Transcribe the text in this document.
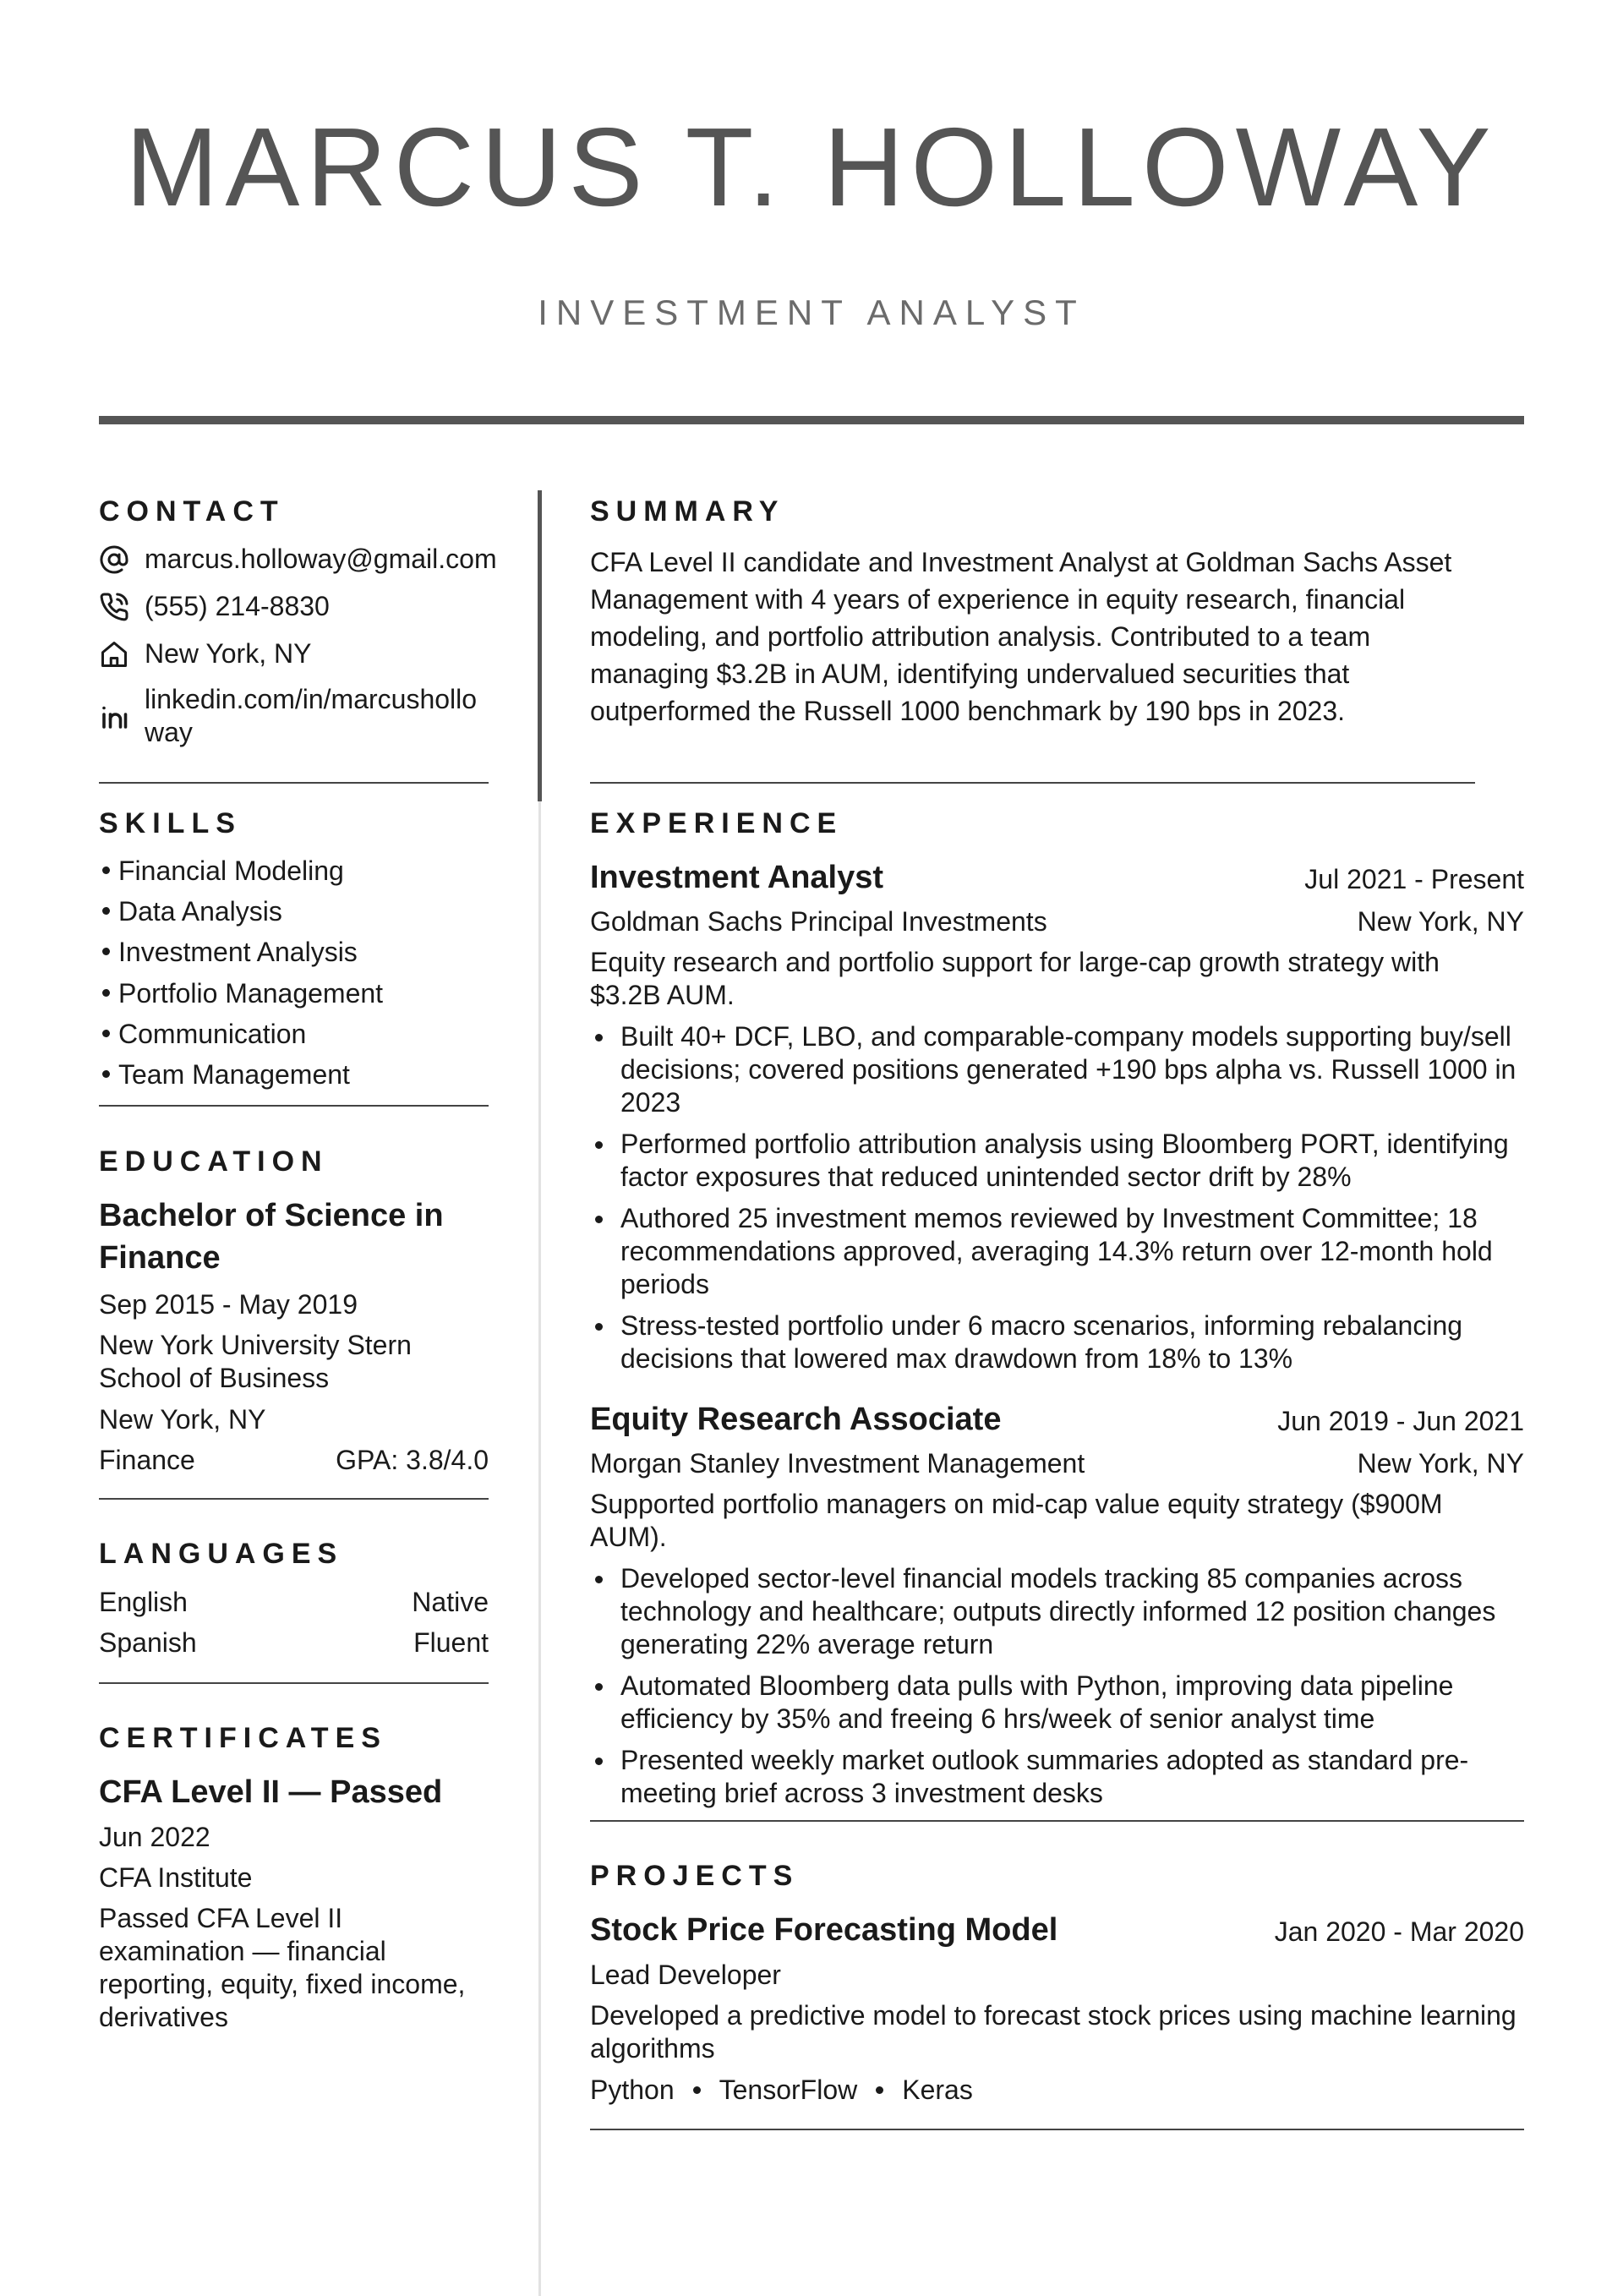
MARCUS T. HOLLOWAY
INVESTMENT ANALYST
CONTACT
marcus.holloway@gmail.com
(555) 214-8830
New York, NY
linkedin.com/in/marcushollo way
SKILLS
Financial Modeling
Data Analysis
Investment Analysis
Portfolio Management
Communication
Team Management
EDUCATION
Bachelor of Science in Finance
Sep 2015 - May 2019
New York University Stern School of Business
New York, NY
Finance	GPA: 3.8/4.0
LANGUAGES
English	Native
Spanish	Fluent
CERTIFICATES
CFA Level II — Passed
Jun 2022
CFA Institute
Passed CFA Level II examination — financial reporting, equity, fixed income, derivatives
SUMMARY
CFA Level II candidate and Investment Analyst at Goldman Sachs Asset Management with 4 years of experience in equity research, financial modeling, and portfolio attribution analysis. Contributed to a team managing $3.2B in AUM, identifying undervalued securities that outperformed the Russell 1000 benchmark by 190 bps in 2023.
EXPERIENCE
Investment Analyst	Jul 2021 - Present
Goldman Sachs Principal Investments	New York, NY
Equity research and portfolio support for large-cap growth strategy with $3.2B AUM.
Built 40+ DCF, LBO, and comparable-company models supporting buy/sell decisions; covered positions generated +190 bps alpha vs. Russell 1000 in 2023
Performed portfolio attribution analysis using Bloomberg PORT, identifying factor exposures that reduced unintended sector drift by 28%
Authored 25 investment memos reviewed by Investment Committee; 18 recommendations approved, averaging 14.3% return over 12-month hold periods
Stress-tested portfolio under 6 macro scenarios, informing rebalancing decisions that lowered max drawdown from 18% to 13%
Equity Research Associate	Jun 2019 - Jun 2021
Morgan Stanley Investment Management	New York, NY
Supported portfolio managers on mid-cap value equity strategy ($900M AUM).
Developed sector-level financial models tracking 85 companies across technology and healthcare; outputs directly informed 12 position changes generating 22% average return
Automated Bloomberg data pulls with Python, improving data pipeline efficiency by 35% and freeing 6 hrs/week of senior analyst time
Presented weekly market outlook summaries adopted as standard pre-meeting brief across 3 investment desks
PROJECTS
Stock Price Forecasting Model	Jan 2020 - Mar 2020
Lead Developer
Developed a predictive model to forecast stock prices using machine learning algorithms
Python TensorFlow Keras
